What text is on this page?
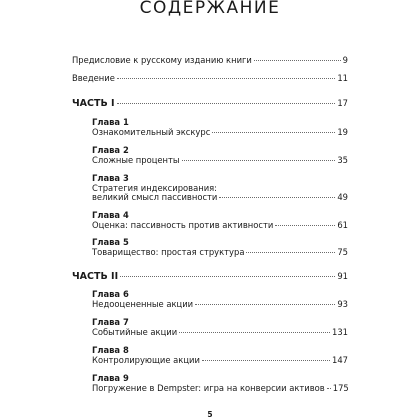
СОДЕРЖАНИЕ
Предисловие к русскому изданию книги	9
Введение	11
ЧАСТЬ I	17
Глава 1
Ознакомительный экскурс	19
Глава 2
Сложные проценты	35
Глава 3
Стратегия индексирования:
великий смысл пассивности	49
Глава 4
Оценка: пассивность против активности	61
Глава 5
Товарищество: простая структура	75
ЧАСТЬ II	91
Глава 6
Недооцененные акции	93
Глава 7
Событийные акции	131
Глава 8
Контролирующие акции	147
Глава 9
Погружение в Dempster: игра на конверсии активов 175
5
